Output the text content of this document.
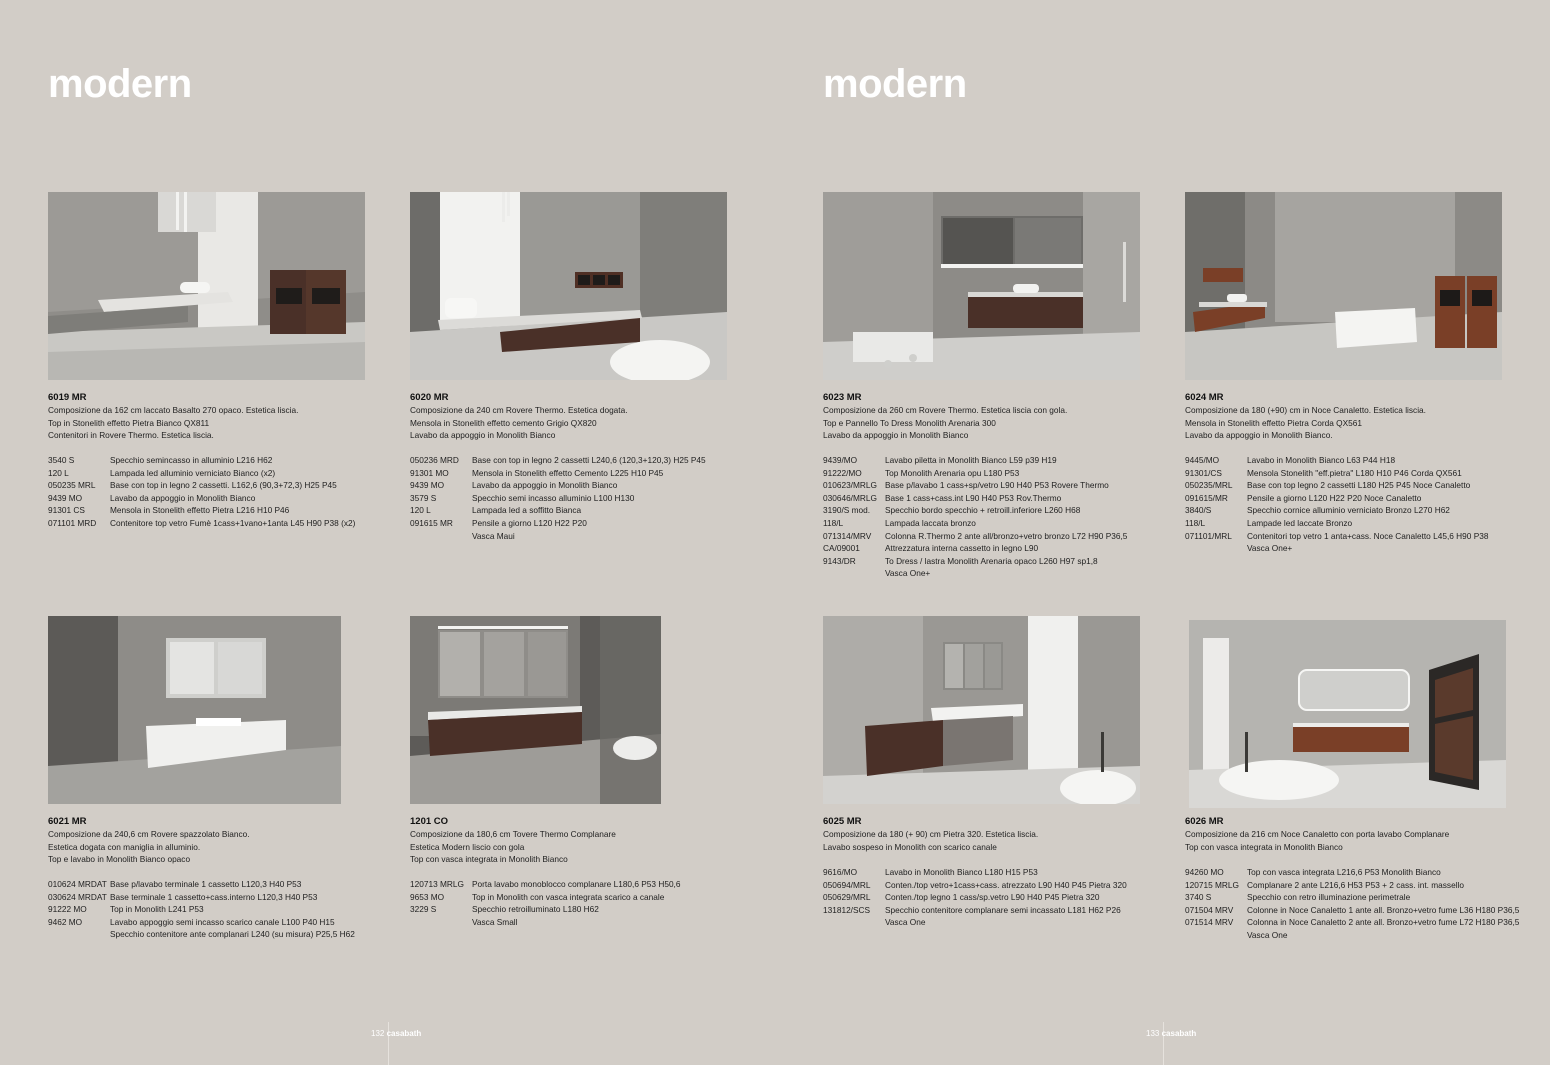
modern	modern
6019 MR
Composizione da 162 cm laccato Basalto 270 opaco. Estetica liscia.
Top in Stonelith effetto Pietra Bianco QX811
Contenitori in Rovere Thermo. Estetica liscia.
3540 S	Specchio semincasso in alluminio L216 H62
120 L	Lampada led alluminio verniciato Bianco (x2)
050235 MRL	Base con top in legno 2 cassetti. L162,6 (90,3+72,3) H25 P45
9439 MO	Lavabo da appoggio in Monolith Bianco
91301 CS	Mensola in Stonelith effetto Pietra L216 H10 P46
071101 MRD	Contenitore top vetro Fumè 1cass+1vano+1anta L45 H90 P38 (x2)
6020 MR
Composizione da 240 cm Rovere Thermo. Estetica dogata.
Mensola in Stonelith effetto cemento Grigio QX820
Lavabo da appoggio in Monolith Bianco
050236 MRD	Base con top in legno 2 cassetti L240,6 (120,3+120,3) H25 P45
91301 MO	Mensola in Stonelith effetto Cemento L225 H10 P45
9439 MO	Lavabo da appoggio in Monolith Bianco
3579 S	Specchio semi incasso alluminio L100 H130
120 L	Lampada led a soffitto Bianca
091615 MR	Pensile a giorno L120 H22 P20
Vasca Maui
6021 MR
Composizione da 240,6 cm Rovere spazzolato Bianco.
Estetica dogata con maniglia in alluminio.
Top e lavabo in Monolith Bianco opaco
010624 MRDAT Base p/lavabo terminale 1 cassetto L120,3 H40 P53
030624 MRDAT Base terminale 1 cassetto+cass.interno L120,3 H40 P53
91222 MO	Top in Monolith L241 P53
9462 MO	Lavabo appoggio semi incasso scarico canale L100 P40 H15
Specchio contenitore ante complanari L240 (su misura) P25,5 H62
1201 CO
Composizione da 180,6 cm Tovere Thermo Complanare
Estetica Modern liscio con gola
Top con vasca integrata in Monolith Bianco
120713 MRLG Porta lavabo monoblocco complanare L180,6 P53 H50,6
9653 MO	Top in Monolith con vasca integrata scarico a canale
3229 S	Specchio retroilluminato L180 H62
Vasca Small
6023 MR
Composizione da 260 cm Rovere Thermo. Estetica liscia con gola.
Top e Pannello To Dress Monolith Arenaria 300
Lavabo da appoggio in Monolith Bianco
9439/MO	Lavabo piletta in Monolith Bianco L59 p39 H19
91222/MO	Top Monolith Arenaria opu L180 P53
010623/MRLG Base p/lavabo 1 cass+sp/vetro L90 H40 P53 Rovere Thermo
030646/MRLG Base 1 cass+cass.int L90 H40 P53 Rov.Thermo
3190/S mod.	Specchio bordo specchio + retroill.inferiore L260 H68
118/L	Lampada laccata bronzo
071314/MRV	Colonna R.Thermo 2 ante all/bronzo+vetro bronzo L72 H90 P36,5
CA/09001	Attrezzatura interna cassetto in legno L90
9143/DR	To Dress / lastra Monolith Arenaria opaco L260 H97 sp1,8
Vasca One+
6024 MR
Composizione da 180 (+90) cm in Noce Canaletto. Estetica liscia.
Mensola in Stonelith effetto Pietra Corda QX561
Lavabo da appoggio in Monolith Bianco.
9445/MO	Lavabo in Monolith Bianco L63 P44 H18
91301/CS	Mensola Stonelith "eff.pietra" L180 H10 P46 Corda QX561
050235/MRL	Base con top legno 2 cassetti L180 H25 P45 Noce Canaletto
091615/MR	Pensile a giorno L120 H22 P20 Noce Canaletto
3840/S	Specchio cornice alluminio verniciato Bronzo L270 H62
118/L	Lampade led laccate Bronzo
071101/MRL	Contenitori top vetro 1 anta+cass. Noce Canaletto L45,6 H90 P38
Vasca One+
6025 MR
Composizione da 180 (+ 90) cm Pietra 320. Estetica liscia.
Lavabo sospeso in Monolith con scarico canale
9616/MO	Lavabo in Monolith Bianco L180 H15 P53
050694/MRL	Conten./top vetro+1cass+cass. atrezzato L90 H40 P45 Pietra 320
050629/MRL	Conten./top legno 1 cass/sp.vetro L90 H40 P45 Pietra 320
131812/SCS	Specchio contenitore complanare semi incassato L181 H62 P26
Vasca One
6026 MR
Composizione da 216 cm Noce Canaletto con porta lavabo Complanare
Top con vasca integrata in Monolith Bianco
94260 MO	Top con vasca integrata L216,6 P53 Monolith Bianco
120715 MRLG Complanare 2 ante L216,6 H53 P53 + 2 cass. int. massello
3740 S	Specchio con retro illuminazione perimetrale
071504 MRV	Colonne in Noce Canaletto 1 ante all. Bronzo+vetro fume L36 H180 P36,5
071514 MRV	Colonna in Noce Canaletto 2 ante all. Bronzo+vetro fume L72 H180 P36,5
Vasca One
132 casabath	133 casabath
